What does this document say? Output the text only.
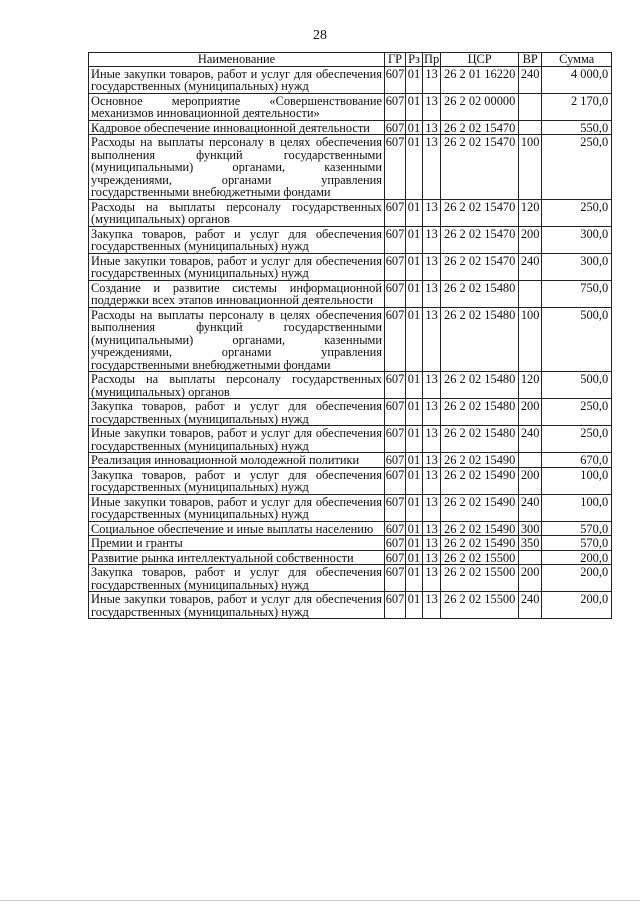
28
Наименование	ГР	Рз	Пр	ЦСР	ВР	Сумма
Иные закупки товаров, работ и услуг для обеспечения государственных (муниципальных) нужд	607	01	13	26 2 01 16220	240	4 000,0
Основное мероприятие «Совершенствование механизмов инновационной деятельности»	607	01	13	26 2 02 00000		2 170,0
Кадровое обеспечение инновационной деятельности	607	01	13	26 2 02 15470		550,0
Расходы на выплаты персоналу в целях обеспечения выполнения функций государственными (муниципальными) органами, казенными учреждениями, органами управления государственными внебюджетными фондами	607	01	13	26 2 02 15470	100	250,0
Расходы на выплаты персоналу государственных (муниципальных) органов	607	01	13	26 2 02 15470	120	250,0
Закупка товаров, работ и услуг для обеспечения государственных (муниципальных) нужд	607	01	13	26 2 02 15470	200	300,0
Иные закупки товаров, работ и услуг для обеспечения государственных (муниципальных) нужд	607	01	13	26 2 02 15470	240	300,0
Создание и развитие системы информационной поддержки всех этапов инновационной деятельности	607	01	13	26 2 02 15480		750,0
Расходы на выплаты персоналу в целях обеспечения выполнения функций государственными (муниципальными) органами, казенными учреждениями, органами управления государственными внебюджетными фондами	607	01	13	26 2 02 15480	100	500,0
Расходы на выплаты персоналу государственных (муниципальных) органов	607	01	13	26 2 02 15480	120	500,0
Закупка товаров, работ и услуг для обеспечения государственных (муниципальных) нужд	607	01	13	26 2 02 15480	200	250,0
Иные закупки товаров, работ и услуг для обеспечения государственных (муниципальных) нужд	607	01	13	26 2 02 15480	240	250,0
Реализация инновационной молодежной политики	607	01	13	26 2 02 15490		670,0
Закупка товаров, работ и услуг для обеспечения государственных (муниципальных) нужд	607	01	13	26 2 02 15490	200	100,0
Иные закупки товаров, работ и услуг для обеспечения государственных (муниципальных) нужд	607	01	13	26 2 02 15490	240	100,0
Социальное обеспечение и иные выплаты населению	607	01	13	26 2 02 15490	300	570,0
Премии и гранты	607	01	13	26 2 02 15490	350	570,0
Развитие рынка интеллектуальной собственности	607	01	13	26 2 02 15500		200,0
Закупка товаров, работ и услуг для обеспечения государственных (муниципальных) нужд	607	01	13	26 2 02 15500	200	200,0
Иные закупки товаров, работ и услуг для обеспечения государственных (муниципальных) нужд	607	01	13	26 2 02 15500	240	200,0
